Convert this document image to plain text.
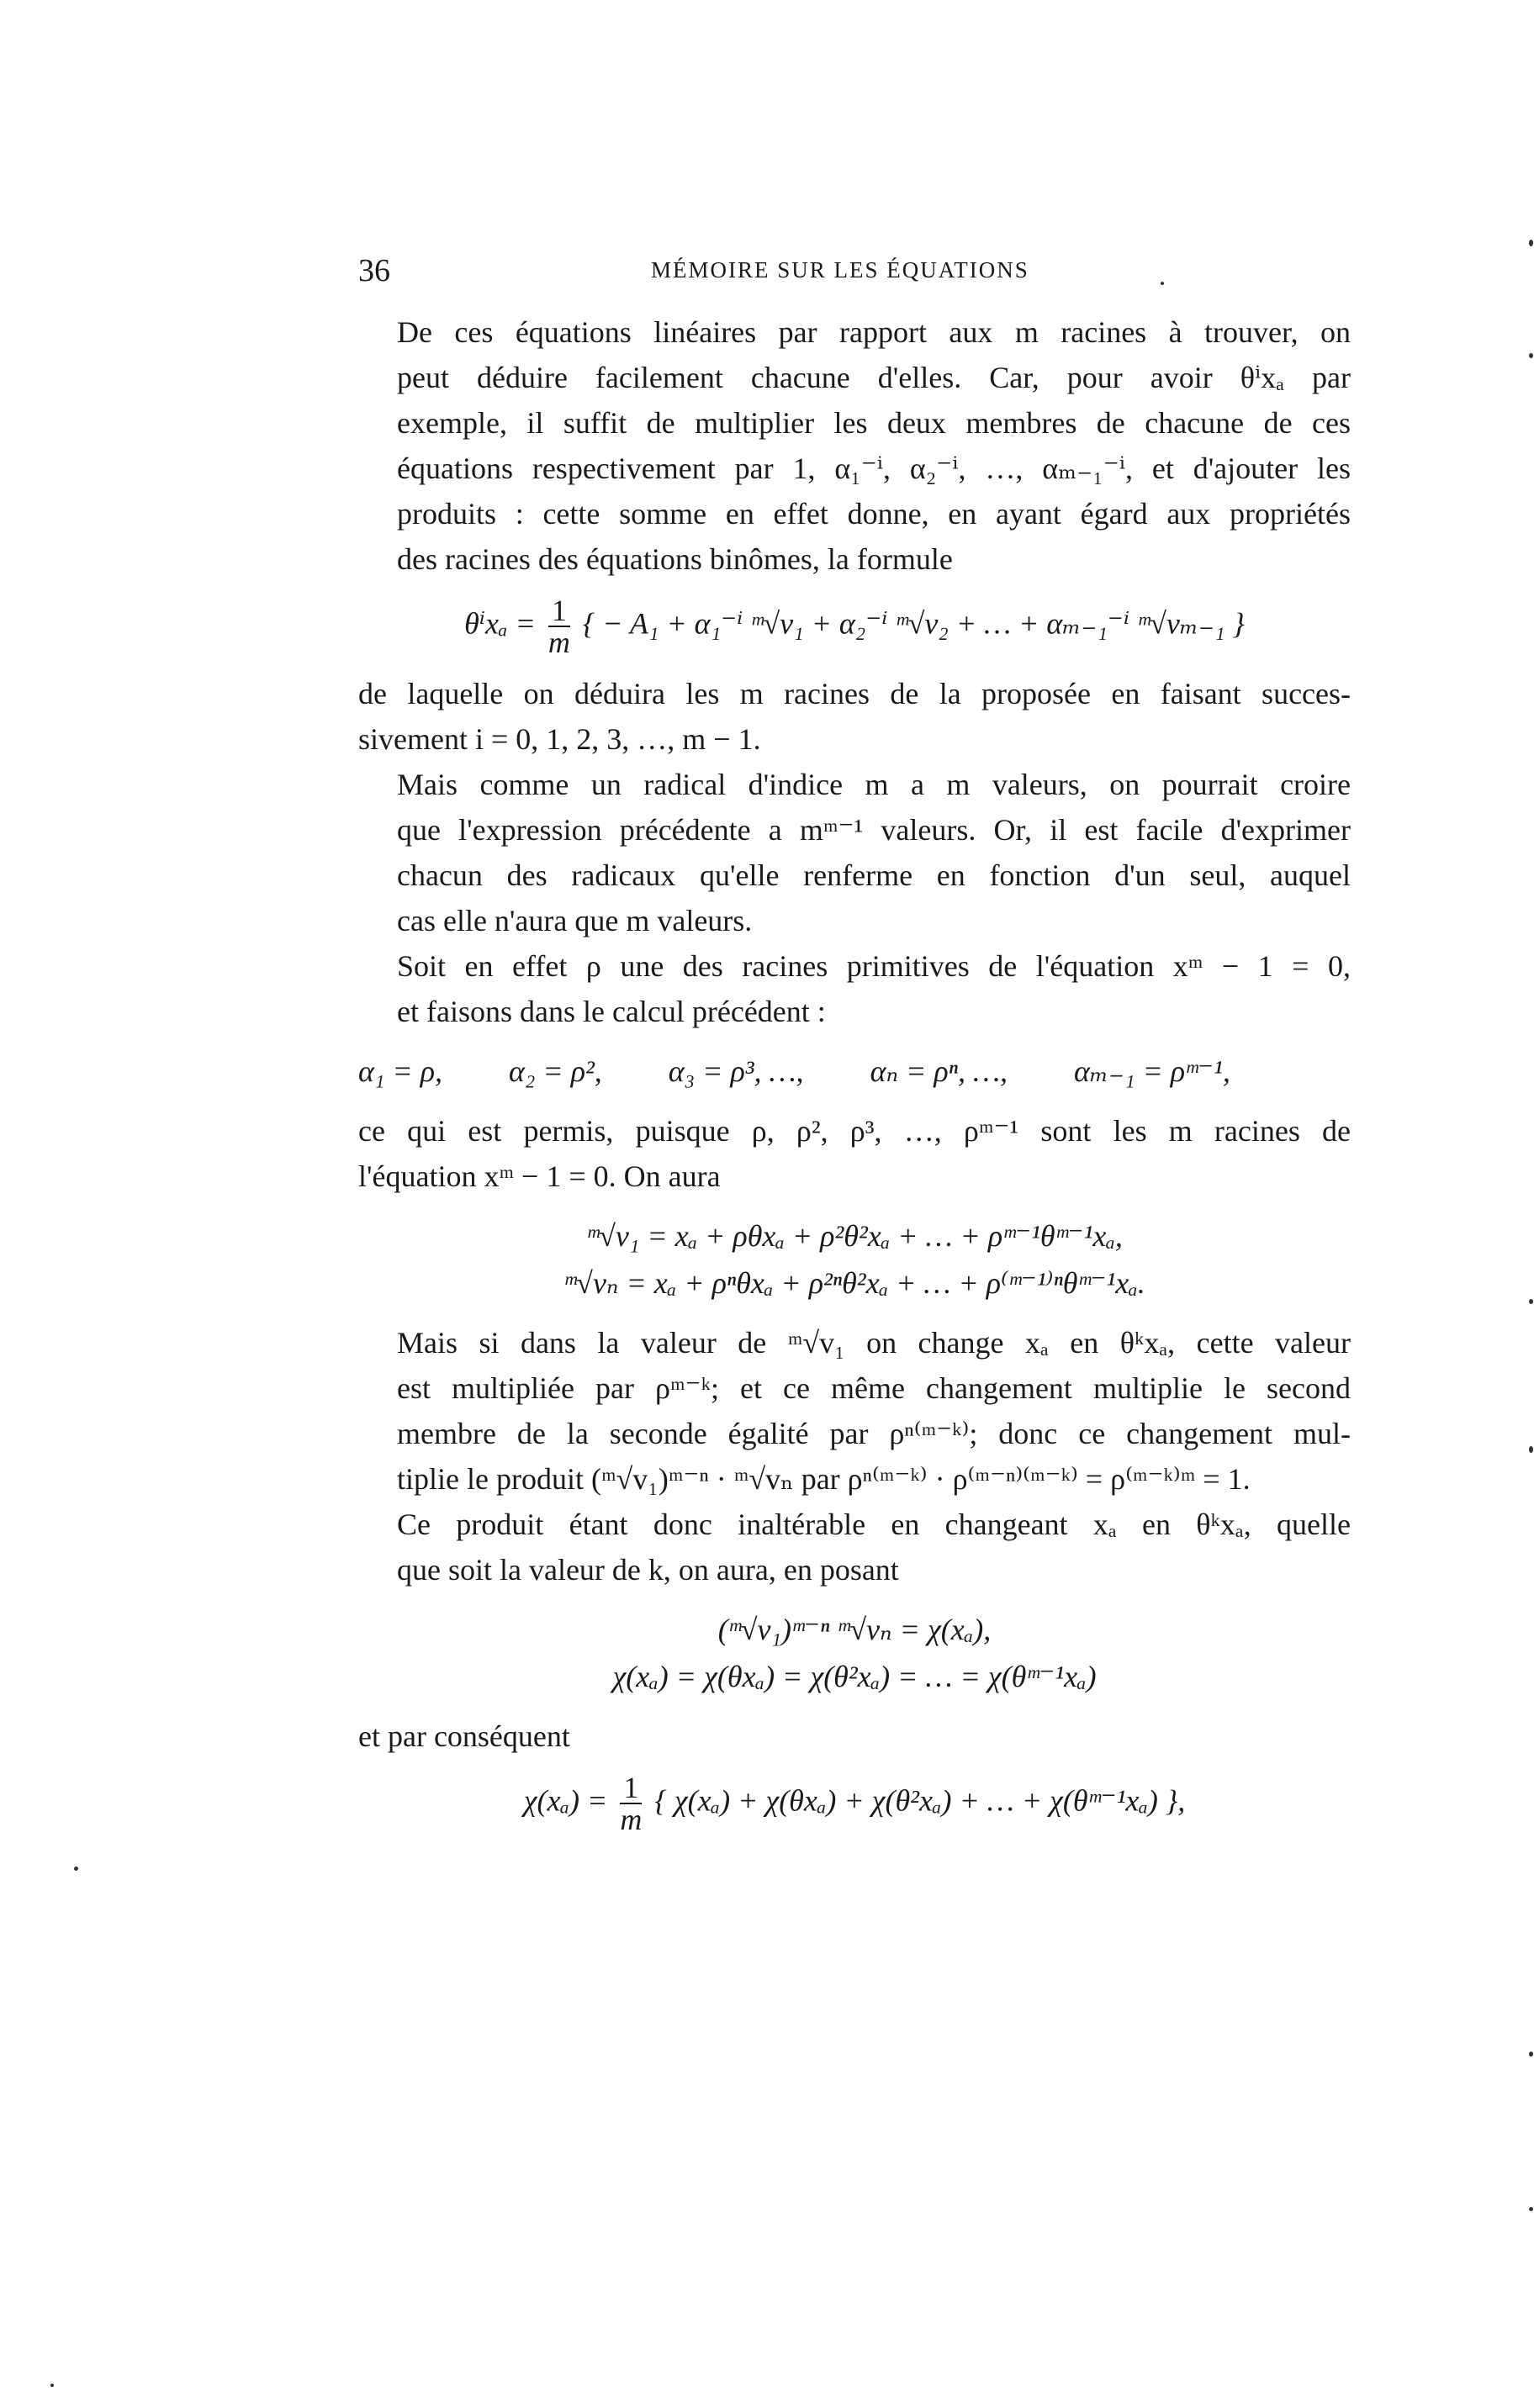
36	MÉMOIRE SUR LES ÉQUATIONS

De ces équations linéaires par rapport aux m racines à trouver, on
peut déduire facilement chacune d'elles. Car, pour avoir θⁱxₐ par
exemple, il suffit de multiplier les deux membres de chacune de ces
équations respectivement par 1, α₁⁻ⁱ, α₂⁻ⁱ, …, αₘ₋₁⁻ⁱ, et d'ajouter les
produits : cette somme en effet donne, en ayant égard aux propriétés
des racines des équations binômes, la formule

$\theta^ix_a = \frac{1}{m}$ { − A₁ + α₁⁻ⁱ ᵐ√v₁ + α₂⁻ⁱ ᵐ√v₂ + … + αₘ₋₁⁻ⁱ ᵐ√vₘ₋₁ }

de laquelle on déduira les m racines de la proposée en faisant succes-
sivement i = 0, 1, 2, 3, …, m − 1.

Mais comme un radical d'indice m a m valeurs, on pourrait croire
que l'expression précédente a mᵐ⁻¹ valeurs. Or, il est facile d'exprimer
chacun des radicaux qu'elle renferme en fonction d'un seul, auquel
cas elle n'aura que m valeurs.

Soit en effet ρ une des racines primitives de l'équation xᵐ − 1 = 0,
et faisons dans le calcul précédent :

α₁ = ρ, α₂ = ρ², α₃ = ρ³, …, αₙ = ρⁿ, …, αₘ₋₁ = ρᵐ⁻¹,

ce qui est permis, puisque ρ, ρ², ρ³, …, ρᵐ⁻¹ sont les m racines de
l'équation xᵐ − 1 = 0. On aura

ᵐ√v₁ = xₐ + ρθxₐ + ρ²θ²xₐ + … + ρᵐ⁻¹θᵐ⁻¹xₐ,
ᵐ√vₙ = xₐ + ρⁿθxₐ + ρ²ⁿθ²xₐ + … + ρ⁽ᵐ⁻¹⁾ⁿθᵐ⁻¹xₐ.

Mais si dans la valeur de ᵐ√v₁ on change xₐ en θᵏxₐ, cette valeur
est multipliée par ρᵐ⁻ᵏ; et ce même changement multiplie le second
membre de la seconde égalité par ρⁿ⁽ᵐ⁻ᵏ⁾; donc ce changement mul-
tiplie le produit (ᵐ√v₁)ᵐ⁻ⁿ · ᵐ√vₙ par ρⁿ⁽ᵐ⁻ᵏ⁾ · ρ⁽ᵐ⁻ⁿ⁾⁽ᵐ⁻ᵏ⁾ = ρ⁽ᵐ⁻ᵏ⁾ᵐ = 1.

Ce produit étant donc inaltérable en changeant xₐ en θᵏxₐ, quelle
que soit la valeur de k, on aura, en posant

(ᵐ√v₁)ᵐ⁻ⁿ ᵐ√vₙ = χ(xₐ),
χ(xₐ) = χ(θxₐ) = χ(θ²xₐ) = … = χ(θᵐ⁻¹xₐ)

et par conséquent

$\chi(x_a) = \frac{1}{m}$ { χ(xₐ) + χ(θxₐ) + χ(θ²xₐ) + … + χ(θᵐ⁻¹xₐ) },
